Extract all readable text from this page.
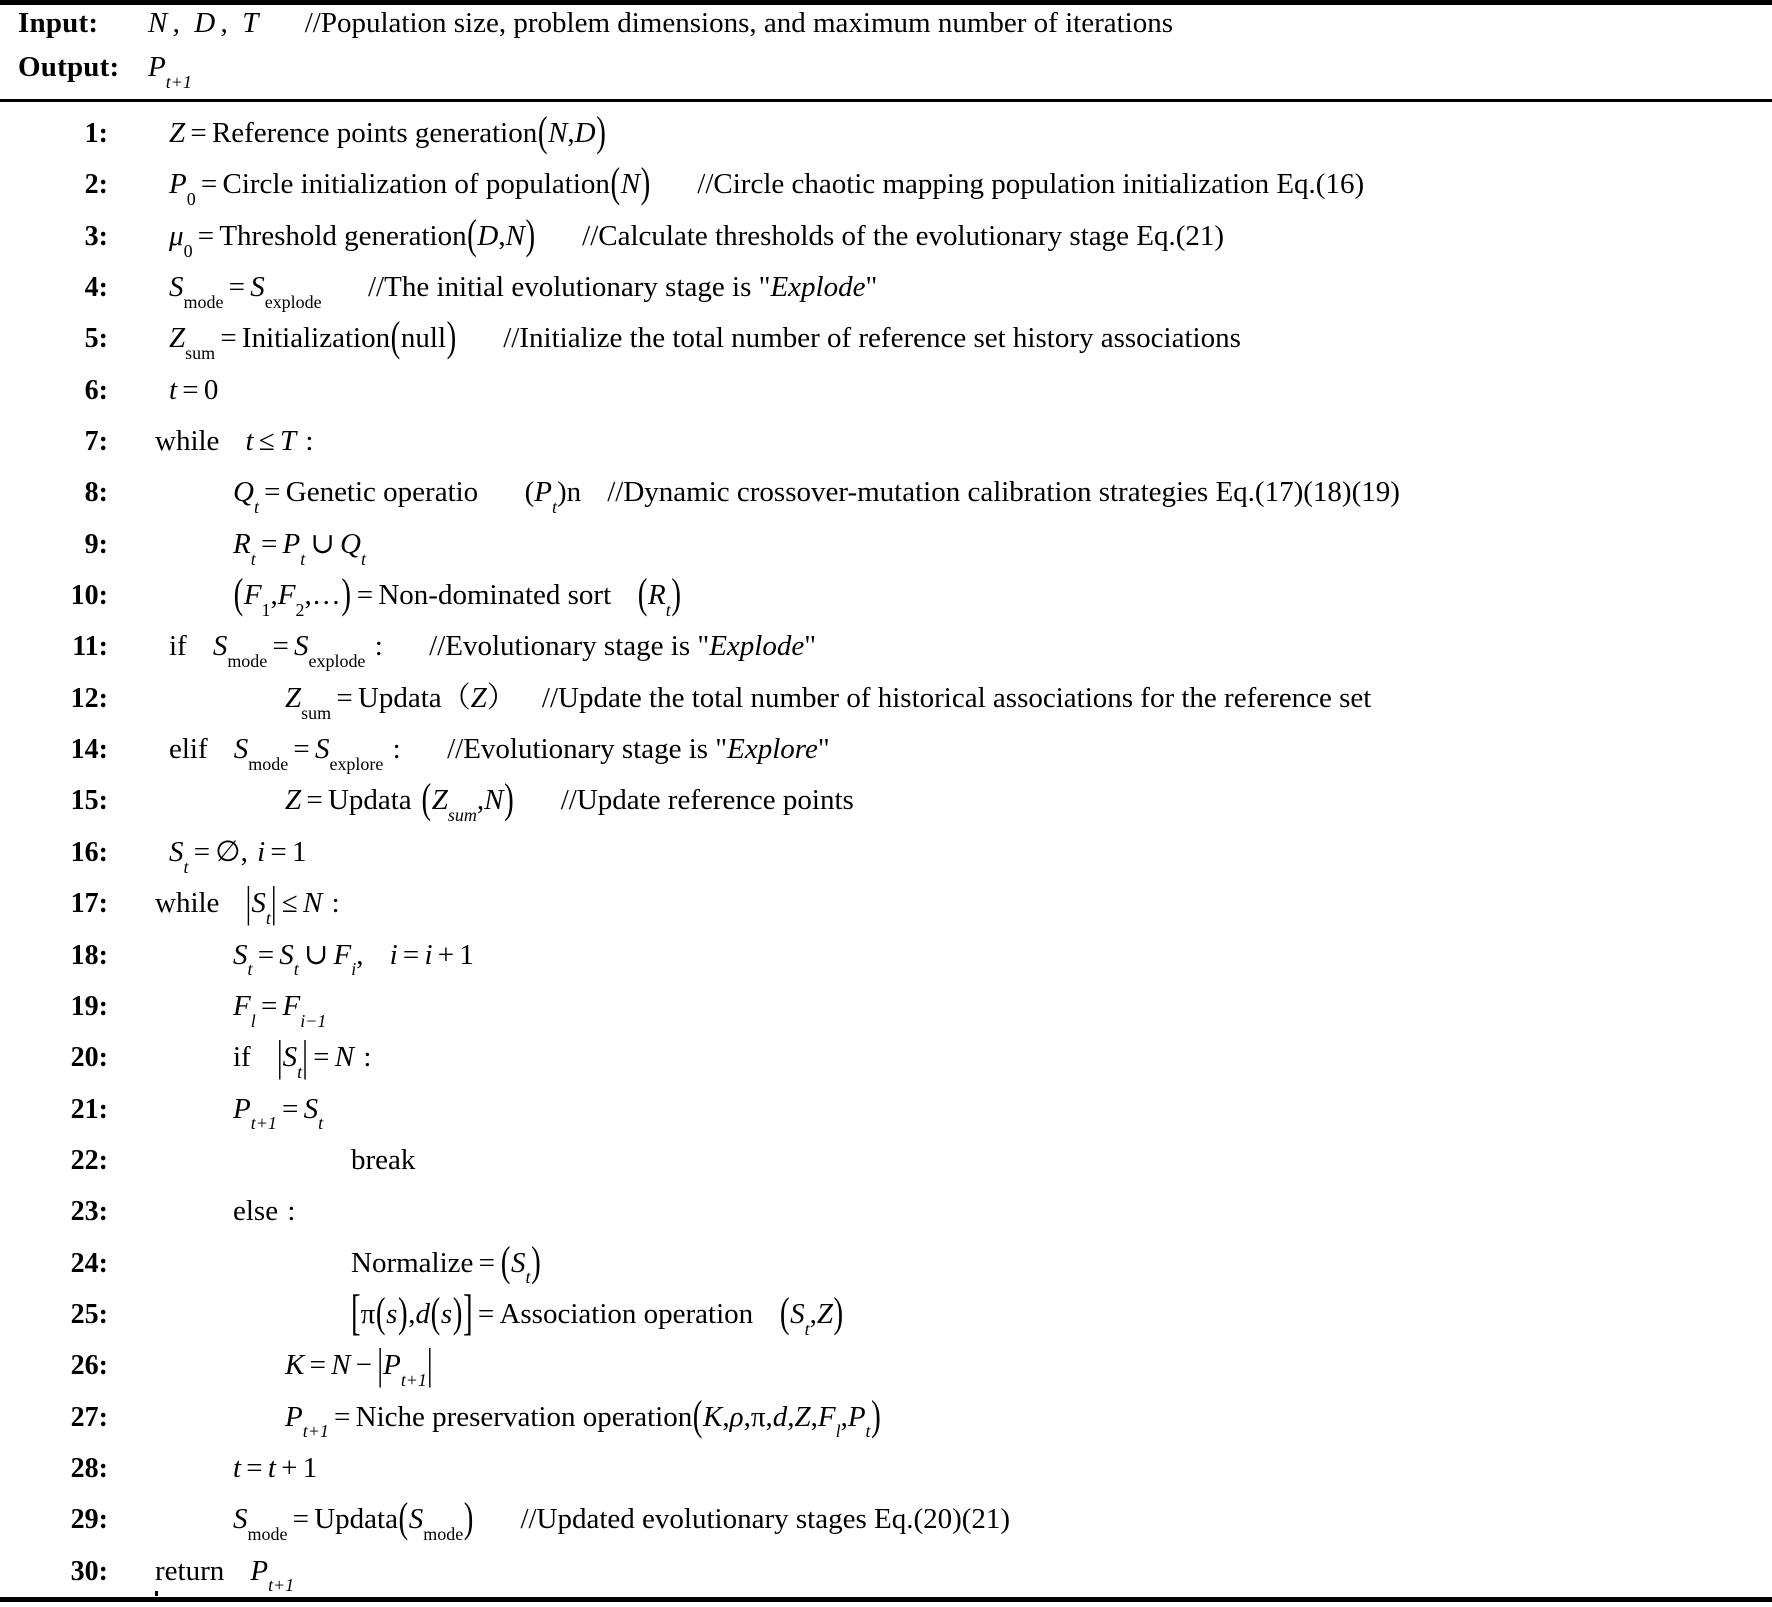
Input:	N , D , T //Population size, problem dimensions, and maximum number of iterations
Output: $P_{t+1}$
1:	Z = Reference points generation ( N , D )
2:	$P_0$ = Circle initialization of population ( N ) //Circle chaotic mapping population initialization Eq.(16)
3:	$\mu_0$ = Threshold generation ( D , N ) //Calculate thresholds of the evolutionary stage Eq.(21)
4:	$S_{mode} = S_{explode}$ //The initial evolutionary stage is "Explode"
5:	$Z_{sum}$ = Initialization ( null ) //Initialize the total number of reference set history associations
6:	t = 0
7:	while t ≤ T :
8:	$Q_t$ = Genetic operatio ( $P_t$ )n //Dynamic crossover-mutation calibration strategies Eq.(17)(18)(19)
9:	$R_t = P_t$ ∪ $Q_t$
10:	( $F_1$ , $F_2$ ,… ) = Non-dominated sort ( $R_t$ )
11:	if $S_{mode} = S_{explode}$ : //Evolutionary stage is "Explode"
12:	$Z_{sum}$ = Updata （ Z ） //Update the total number of historical associations for the reference set
14:	elif $S_{mode} = S_{explore}$ : //Evolutionary stage is "Explore"
15:	Z = Updata ( $Z_{sum}$ , N ) //Update reference points
16:	$S_t$ = ∅ , i = 1
17:	while | $S_t$ | ≤ N :
18:	$S_t = S_t$ ∪ $F_i$ , i = i + 1
19:	$F_l = F_{i-1}$
20:	if | $S_t$ | = N :
21:	$P_{t+1} = S_t$
22:	break
23:	else :
24:	Normalize = ( $S_t$ )
25:	[ π ( s ) , d ( s ) ] = Association operation ( $S_t$ , Z )
26:	K = N − | $P_{t+1}$ |
27:	$P_{t+1}$ = Niche preservation operation ( K , ρ ,π, d , Z , $F_l$ , $P_t$ )
28:	t = t + 1
29:	$S_{mode}$ = Updata ( $S_{mode}$ ) //Updated evolutionary stages Eq.(20)(21)
30:	return $P_{t+1}$
